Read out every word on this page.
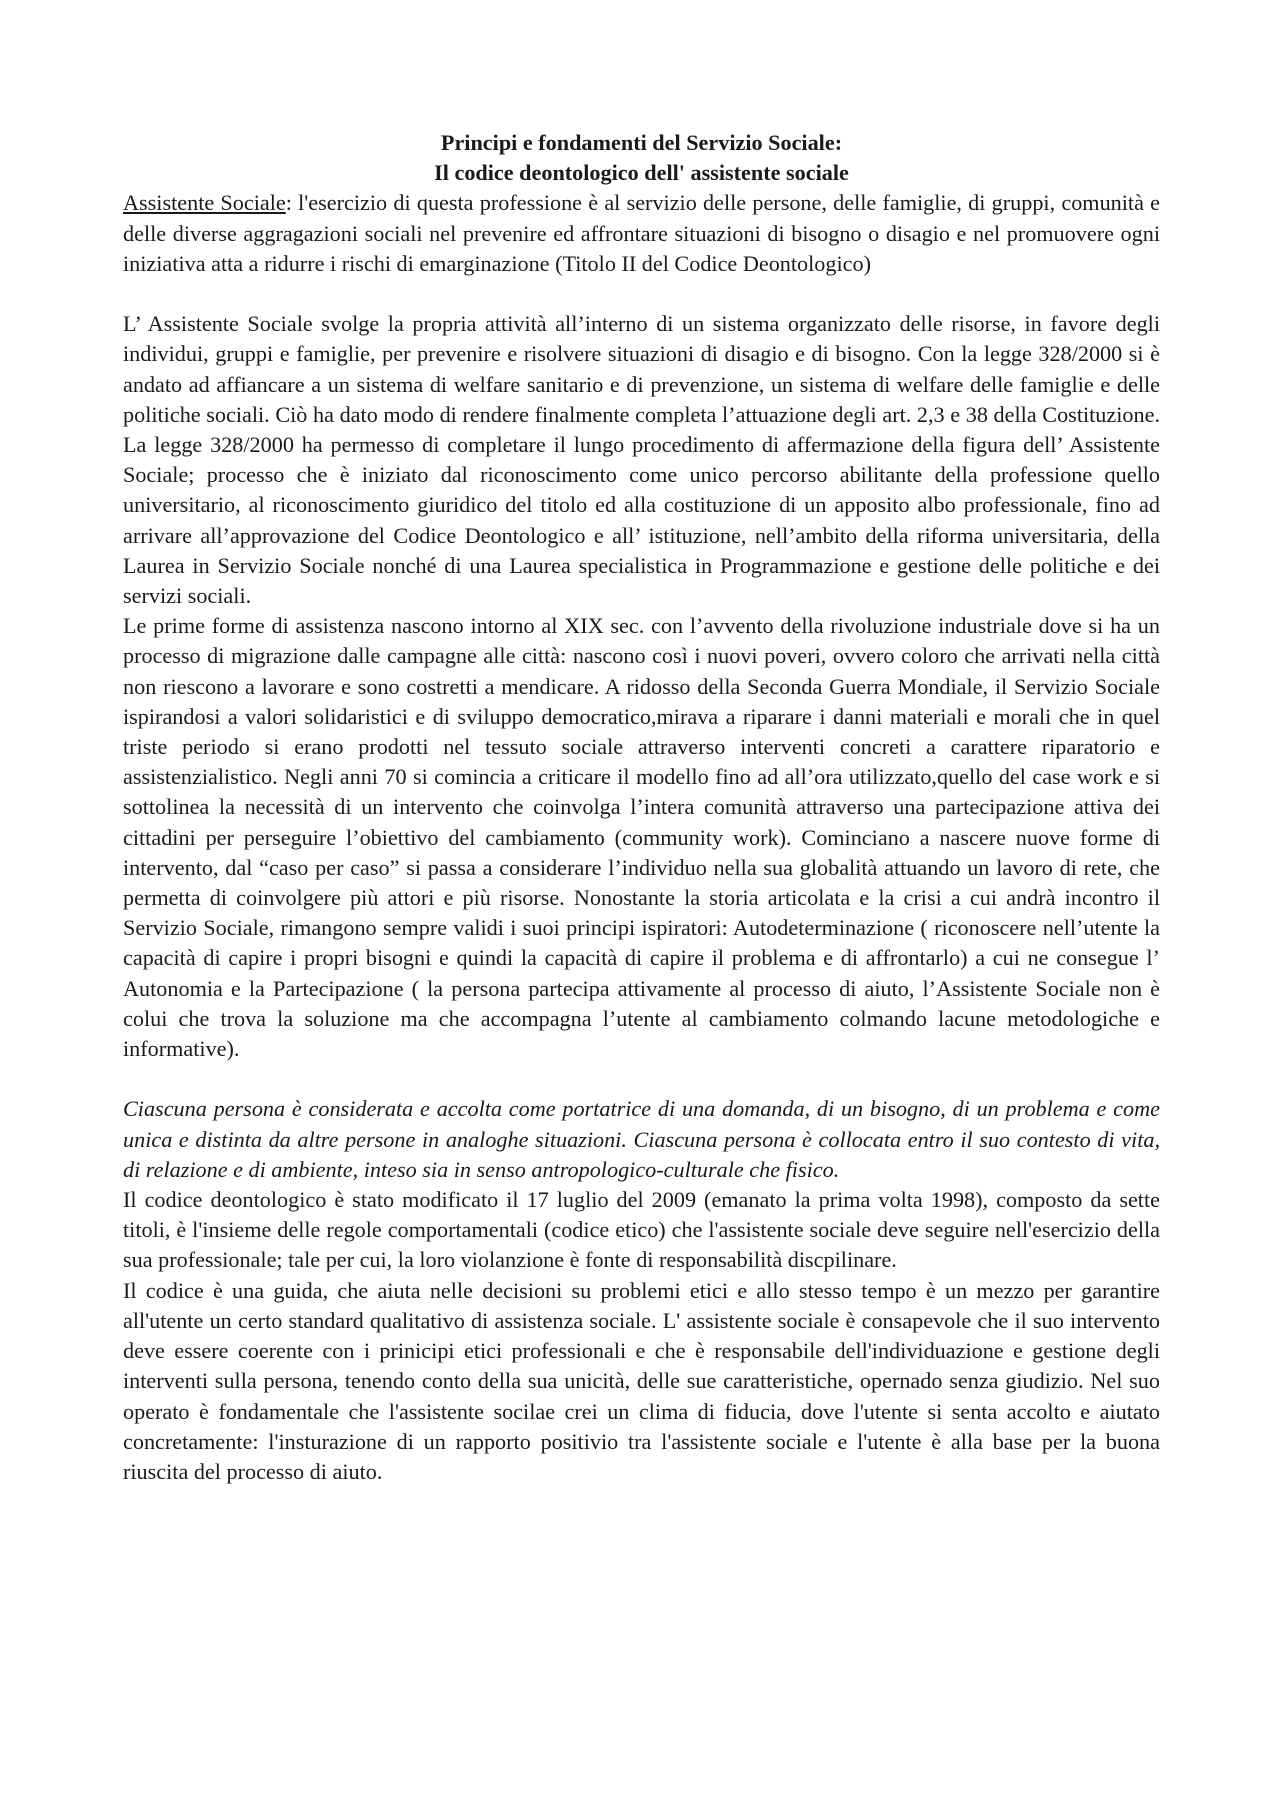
Principi e fondamenti del Servizio Sociale:
Il codice deontologico dell' assistente sociale

Assistente Sociale: l'esercizio di questa professione è al servizio delle persone, delle famiglie, di gruppi, comunità e delle diverse aggragazioni sociali nel prevenire ed affrontare situazioni di bisogno o disagio e nel promuovere ogni iniziativa atta a ridurre i rischi di emarginazione (Titolo II del Codice Deontologico)

L’ Assistente Sociale svolge la propria attività all’interno di un sistema organizzato delle risorse, in favore degli individui, gruppi e famiglie, per prevenire e risolvere situazioni di disagio e di bisogno. Con la legge 328/2000 si è andato ad affiancare a un sistema di welfare sanitario e di prevenzione, un sistema di welfare delle famiglie e delle politiche sociali. Ciò ha dato modo di rendere finalmente completa l’attuazione degli art. 2,3 e 38 della Costituzione. La legge 328/2000 ha permesso di completare il lungo procedimento di affermazione della figura dell’ Assistente Sociale; processo che è iniziato dal riconoscimento come unico percorso abilitante della professione quello universitario, al riconoscimento giuridico del titolo ed alla costituzione di un apposito albo professionale, fino ad arrivare all’approvazione del Codice Deontologico e all’ istituzione, nell’ambito della riforma universitaria, della Laurea in Servizio Sociale nonché di una Laurea specialistica in Programmazione e gestione delle politiche e dei servizi sociali.

Le prime forme di assistenza nascono intorno al XIX sec. con l’avvento della rivoluzione industriale dove si ha un processo di migrazione dalle campagne alle città: nascono così i nuovi poveri, ovvero coloro che arrivati nella città non riescono a lavorare e sono costretti a mendicare. A ridosso della Seconda Guerra Mondiale, il Servizio Sociale ispirandosi a valori solidaristici e di sviluppo democratico,mirava a riparare i danni materiali e morali che in quel triste periodo si erano prodotti nel tessuto sociale attraverso interventi concreti a carattere riparatorio e assistenzialistico. Negli anni 70 si comincia a criticare il modello fino ad all’ora utilizzato,quello del case work e si sottolinea la necessità di un intervento che coinvolga l’intera comunità attraverso una partecipazione attiva dei cittadini per perseguire l’obiettivo del cambiamento (community work). Cominciano a nascere nuove forme di intervento, dal “caso per caso” si passa a considerare l’individuo nella sua globalità attuando un lavoro di rete, che permetta di coinvolgere più attori e più risorse. Nonostante la storia articolata e la crisi a cui andrà incontro il Servizio Sociale, rimangono sempre validi i suoi principi ispiratori: Autodeterminazione ( riconoscere nell’utente la capacità di capire i propri bisogni e quindi la capacità di capire il problema e di affrontarlo) a cui ne consegue l’ Autonomia e la Partecipazione ( la persona partecipa attivamente al processo di aiuto, l’Assistente Sociale non è colui che trova la soluzione ma che accompagna l’utente al cambiamento colmando lacune metodologiche e informative).

Ciascuna persona è considerata e accolta come portatrice di una domanda, di un bisogno, di un problema e come unica e distinta da altre persone in analoghe situazioni. Ciascuna persona è collocata entro il suo contesto di vita, di relazione e di ambiente, inteso sia in senso antropologico-culturale che fisico.

Il codice deontologico è stato modificato il 17 luglio del 2009 (emanato la prima volta 1998), composto da sette titoli, è l'insieme delle regole comportamentali (codice etico) che l'assistente sociale deve seguire nell'esercizio della sua professionale; tale per cui, la loro violanzione è fonte di responsabilità discpilinare.

Il codice è una guida, che aiuta nelle decisioni su problemi etici e allo stesso tempo è un mezzo per garantire all'utente un certo standard qualitativo di assistenza sociale. L' assistente sociale è consapevole che il suo intervento deve essere coerente con i prinicipi etici professionali e che è responsabile dell'individuazione e gestione degli interventi sulla persona, tenendo conto della sua unicità, delle sue caratteristiche, opernado senza giudizio. Nel suo operato è fondamentale che l'assistente socilae crei un clima di fiducia, dove l'utente si senta accolto e aiutato concretamente: l'insturazione di un rapporto positivio tra l'assistente sociale e l'utente è alla base per la buona riuscita del processo di aiuto.
